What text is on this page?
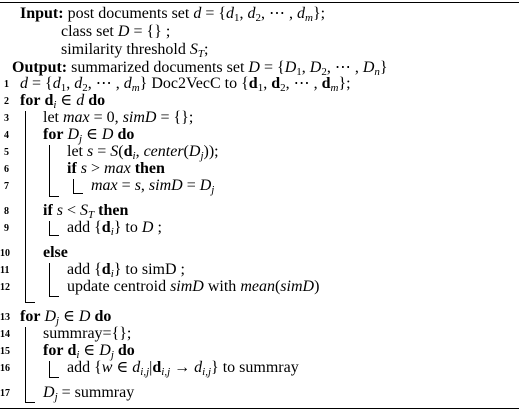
Input: post documents set $d = \{d_1$, $d_2$, ⋯ , $d_m$};
class set D = {} ;
similarity threshold $S_T$;
Output: summarized documents set $D = \{D_1$, $D_2$, ⋯ , $D_n$}
1 $d = \{d_1$, $d_2$, ⋯ , $d_m$} Doc2VecC to {$d_1$, $d_2$, ⋯ , $d_m$};
2 for $d_i$ ∈ d do
3 let max = 0, simD = {};
4 for $D_j$ ∈ D do
5	let $s = S(d_i$, $center(D_j)$);
6	if s > max then
7	max = s, simD = $D_j$
8 if $s < S_T$ then
9	add $\{d_i\}$ to D ;
10 else
11	add $\{d_i\}$ to simD ;
12	update centroid simD with mean(simD)
13 for $D_j$ ∈ D do
14 summray={};
15 for $d_i$ ∈ $D_j$ do
16	add {w ∈ $d_{i,j}|d_{i,j} \to d_{i,j}$} to summray
17 $D_j$ = summray
